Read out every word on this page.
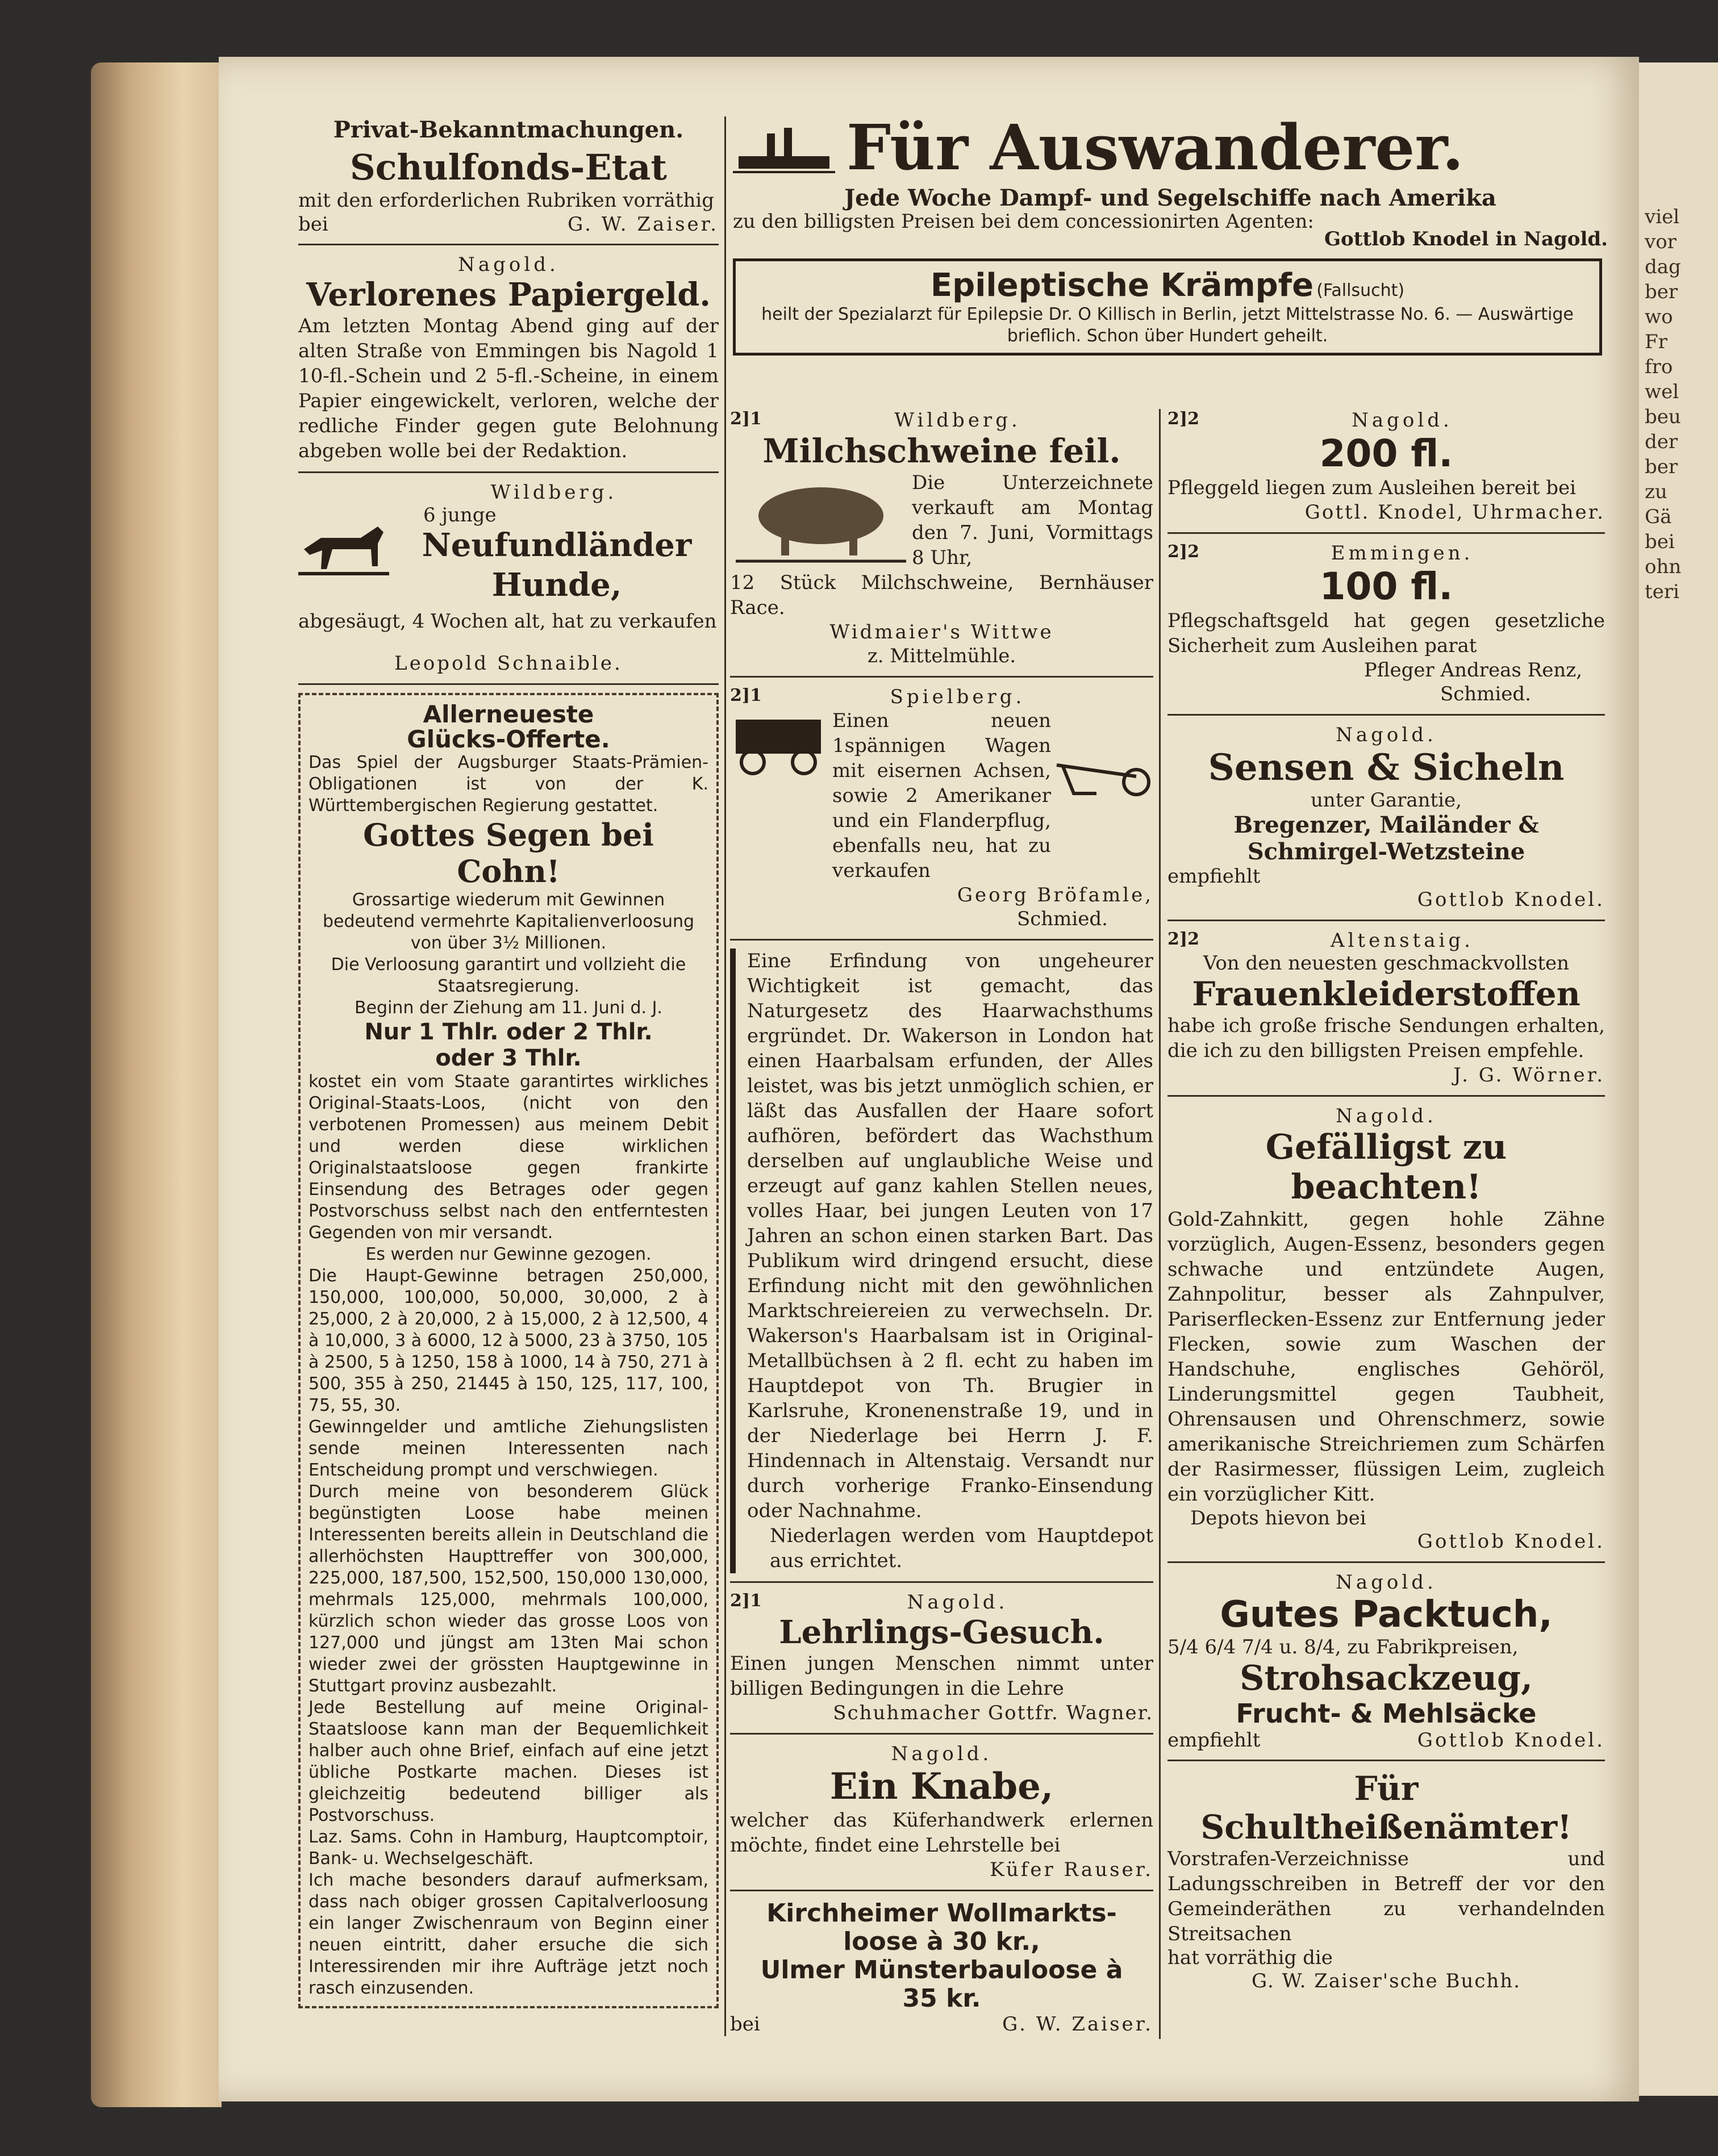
Privat-Bekanntmachungen.
Schulfonds-Etat
mit den erforderlichen Rubriken vorräthig
bei	G. W. Zaiser.
Nagold.
Verlorenes Papiergeld.
Am letzten Montag Abend ging auf der alten Straße von Emmingen bis Nagold 1 10-fl.-Schein und 2 5-fl.-Scheine, in einem Papier eingewickelt, verloren, welche der redliche Finder gegen gute Belohnung abgeben wolle bei der Redaktion.
Wildberg.
6 junge
Neufundländer
Hunde,
abgesäugt, 4 Wochen alt, hat zu verkaufen
Leopold Schnaible.
Allerneueste
Glücks-Offerte.
Das Spiel der Augsburger Staats-Prämien-Obligationen ist von der K. Württembergischen Regierung gestattet.
Gottes Segen bei Cohn!
Grossartige wiederum mit Gewinnen bedeutend vermehrte Kapitalienverloosung von über 3½ Millionen.
Die Verloosung garantirt und vollzieht die Staatsregierung.
Beginn der Ziehung am 11. Juni d. J.
Nur 1 Thlr. oder 2 Thlr.
oder 3 Thlr.
kostet ein vom Staate garantirtes wirkliches Original-Staats-Loos, (nicht von den verbotenen Promessen) aus meinem Debit und werden diese wirklichen Originalstaatsloose gegen frankirte Einsendung des Betrages oder gegen Postvorschuss selbst nach den entferntesten Gegenden von mir versandt.
Es werden nur Gewinne gezogen.
Die Haupt-Gewinne betragen 250,000, 150,000, 100,000, 50,000, 30,000, 2 à 25,000, 2 à 20,000, 2 à 15,000, 2 à 12,500, 4 à 10,000, 3 à 6000, 12 à 5000, 23 à 3750, 105 à 2500, 5 à 1250, 158 à 1000, 14 à 750, 271 à 500, 355 à 250, 21445 à 150, 125, 117, 100, 75, 55, 30.
Gewinngelder und amtliche Ziehungslisten sende meinen Interessenten nach Entscheidung prompt und verschwiegen.
Durch meine von besonderem Glück begünstigten Loose habe meinen Interessenten bereits allein in Deutschland die allerhöchsten Haupttreffer von 300,000, 225,000, 187,500, 152,500, 150,000 130,000, mehrmals 125,000, mehrmals 100,000, kürzlich schon wieder das grosse Loos von 127,000 und jüngst am 13ten Mai schon wieder zwei der grössten Hauptgewinne in Stuttgart provinz ausbezahlt.
Jede Bestellung auf meine Original-Staatsloose kann man der Bequemlichkeit halber auch ohne Brief, einfach auf eine jetzt übliche Postkarte machen. Dieses ist gleichzeitig bedeutend billiger als Postvorschuss.
Laz. Sams. Cohn in Hamburg, Hauptcomptoir, Bank- u. Wechselgeschäft.
Ich mache besonders darauf aufmerksam, dass nach obiger grossen Capitalverloosung ein langer Zwischenraum von Beginn einer neuen eintritt, daher ersuche die sich Interessirenden mir ihre Aufträge jetzt noch rasch einzusenden.
Für Auswanderer.
Jede Woche Dampf- und Segelschiffe nach Amerika
zu den billigsten Preisen bei dem concessionirten Agenten:
Gottlob Knodel in Nagold.
Epileptische Krämpfe (Fallsucht)
heilt der Spezialarzt für Epilepsie Dr. O Killisch in Berlin, jetzt Mittelstrasse No. 6. — Auswärtige brieflich. Schon über Hundert geheilt.
2]1	Wildberg.
Milchschweine feil.
Die Unterzeichnete verkauft am Montag den 7. Juni, Vormittags 8 Uhr,
12 Stück Milchschweine, Bernhäuser Race.
Widmaier's Wittwe
z. Mittelmühle.
2]1	Spielberg.
Einen neuen 1spännigen Wagen mit eisernen Achsen, sowie 2 Amerikaner und ein Flanderpflug, ebenfalls neu, hat zu verkaufen
Georg Bröfamle,
Schmied.
Eine Erfindung von ungeheurer Wichtigkeit ist gemacht, das Naturgesetz des Haarwachsthums ergründet. Dr. Wakerson in London hat einen Haarbalsam erfunden, der Alles leistet, was bis jetzt unmöglich schien, er läßt das Ausfallen der Haare sofort aufhören, befördert das Wachsthum derselben auf unglaubliche Weise und erzeugt auf ganz kahlen Stellen neues, volles Haar, bei jungen Leuten von 17 Jahren an schon einen starken Bart. Das Publikum wird dringend ersucht, diese Erfindung nicht mit den gewöhnlichen Marktschreiereien zu verwechseln. Dr. Wakerson's Haarbalsam ist in Original-Metallbüchsen à 2 fl. echt zu haben im Hauptdepot von Th. Brugier in Karlsruhe, Kronenenstraße 19, und in der Niederlage bei Herrn J. F. Hindennach in Altenstaig. Versandt nur durch vorherige Franko-Einsendung oder Nachnahme.
Niederlagen werden vom Hauptdepot aus errichtet.
2]1	Nagold.
Lehrlings-Gesuch.
Einen jungen Menschen nimmt unter billigen Bedingungen in die Lehre
Schuhmacher Gottfr. Wagner.
Nagold.
Ein Knabe,
welcher das Küferhandwerk erlernen möchte, findet eine Lehrstelle bei
Küfer Rauser.
Kirchheimer Wollmarkts-
loose à 30 kr.,
Ulmer Münsterbauloose à
35 kr.
bei	G. W. Zaiser.
2]2	Nagold.
200 fl.
Pfleggeld liegen zum Ausleihen bereit bei
Gottl. Knodel, Uhrmacher.
2]2	Emmingen.
100 fl.
Pflegschaftsgeld hat gegen gesetzliche Sicherheit zum Ausleihen parat
Pfleger Andreas Renz,
Schmied.
Nagold.
Sensen & Sicheln
unter Garantie,
Bregenzer, Mailänder & Schmirgel-Wetzsteine
empfiehlt
Gottlob Knodel.
2]2	Altenstaig.
Von den neuesten geschmackvollsten
Frauenkleiderstoffen
habe ich große frische Sendungen erhalten, die ich zu den billigsten Preisen empfehle.
J. G. Wörner.
Nagold.
Gefälligst zu beachten!
Gold-Zahnkitt, gegen hohle Zähne vorzüglich, Augen-Essenz, besonders gegen schwache und entzündete Augen, Zahnpolitur, besser als Zahnpulver, Pariserflecken-Essenz zur Entfernung jeder Flecken, sowie zum Waschen der Handschuhe, englisches Gehöröl, Linderungsmittel gegen Taubheit, Ohrensausen und Ohrenschmerz, sowie amerikanische Streichriemen zum Schärfen der Rasirmesser, flüssigen Leim, zugleich ein vorzüglicher Kitt.
Depots hievon bei
Gottlob Knodel.
Nagold.
Gutes Packtuch,
5/4 6/4 7/4 u. 8/4, zu Fabrikpreisen,
Strohsackzeug,
Frucht- & Mehlsäcke
empfiehlt	Gottlob Knodel.
Für Schultheißenämter!
Vorstrafen-Verzeichnisse und Ladungsschreiben in Betreff der vor den Gemeinderäthen zu verhandelnden Streitsachen
hat vorräthig die
G. W. Zaiser'sche Buchh.
viel
vor
dag
ber
wo
Fr
fro
wel
beu
der
ber
zu
Gä
bei
ohn
teri
